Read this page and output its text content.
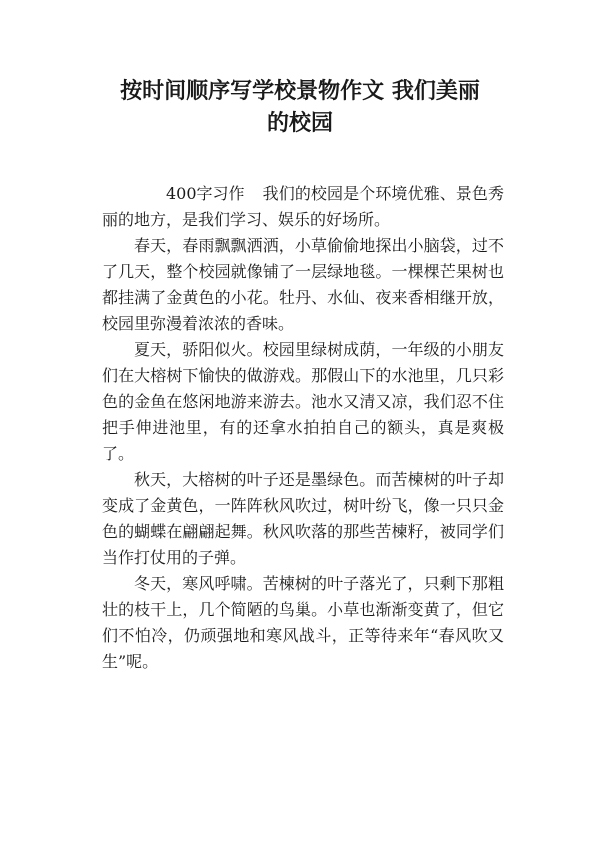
按时间顺序写学校景物作文 我们美丽
的校园

400字习作 我们的校园是个环境优雅、景色秀丽的地方，是我们学习、娱乐的好场所。

春天，春雨飘飘洒洒，小草偷偷地探出小脑袋，过不了几天，整个校园就像铺了一层绿地毯。一棵棵芒果树也都挂满了金黄色的小花。牡丹、水仙、夜来香相继开放，校园里弥漫着浓浓的香味。

夏天，骄阳似火。校园里绿树成荫，一年级的小朋友们在大榕树下愉快的做游戏。那假山下的水池里，几只彩色的金鱼在悠闲地游来游去。池水又清又凉，我们忍不住把手伸进池里，有的还拿水拍拍自己的额头，真是爽极了。

秋天，大榕树的叶子还是墨绿色。而苦楝树的叶子却变成了金黄色，一阵阵秋风吹过，树叶纷飞，像一只只金色的蝴蝶在翩翩起舞。秋风吹落的那些苦楝籽，被同学们当作打仗用的子弹。

冬天，寒风呼啸。苦楝树的叶子落光了，只剩下那粗壮的枝干上，几个简陋的鸟巢。小草也渐渐变黄了，但它们不怕冷，仍顽强地和寒风战斗，正等待来年“春风吹又生”呢。
